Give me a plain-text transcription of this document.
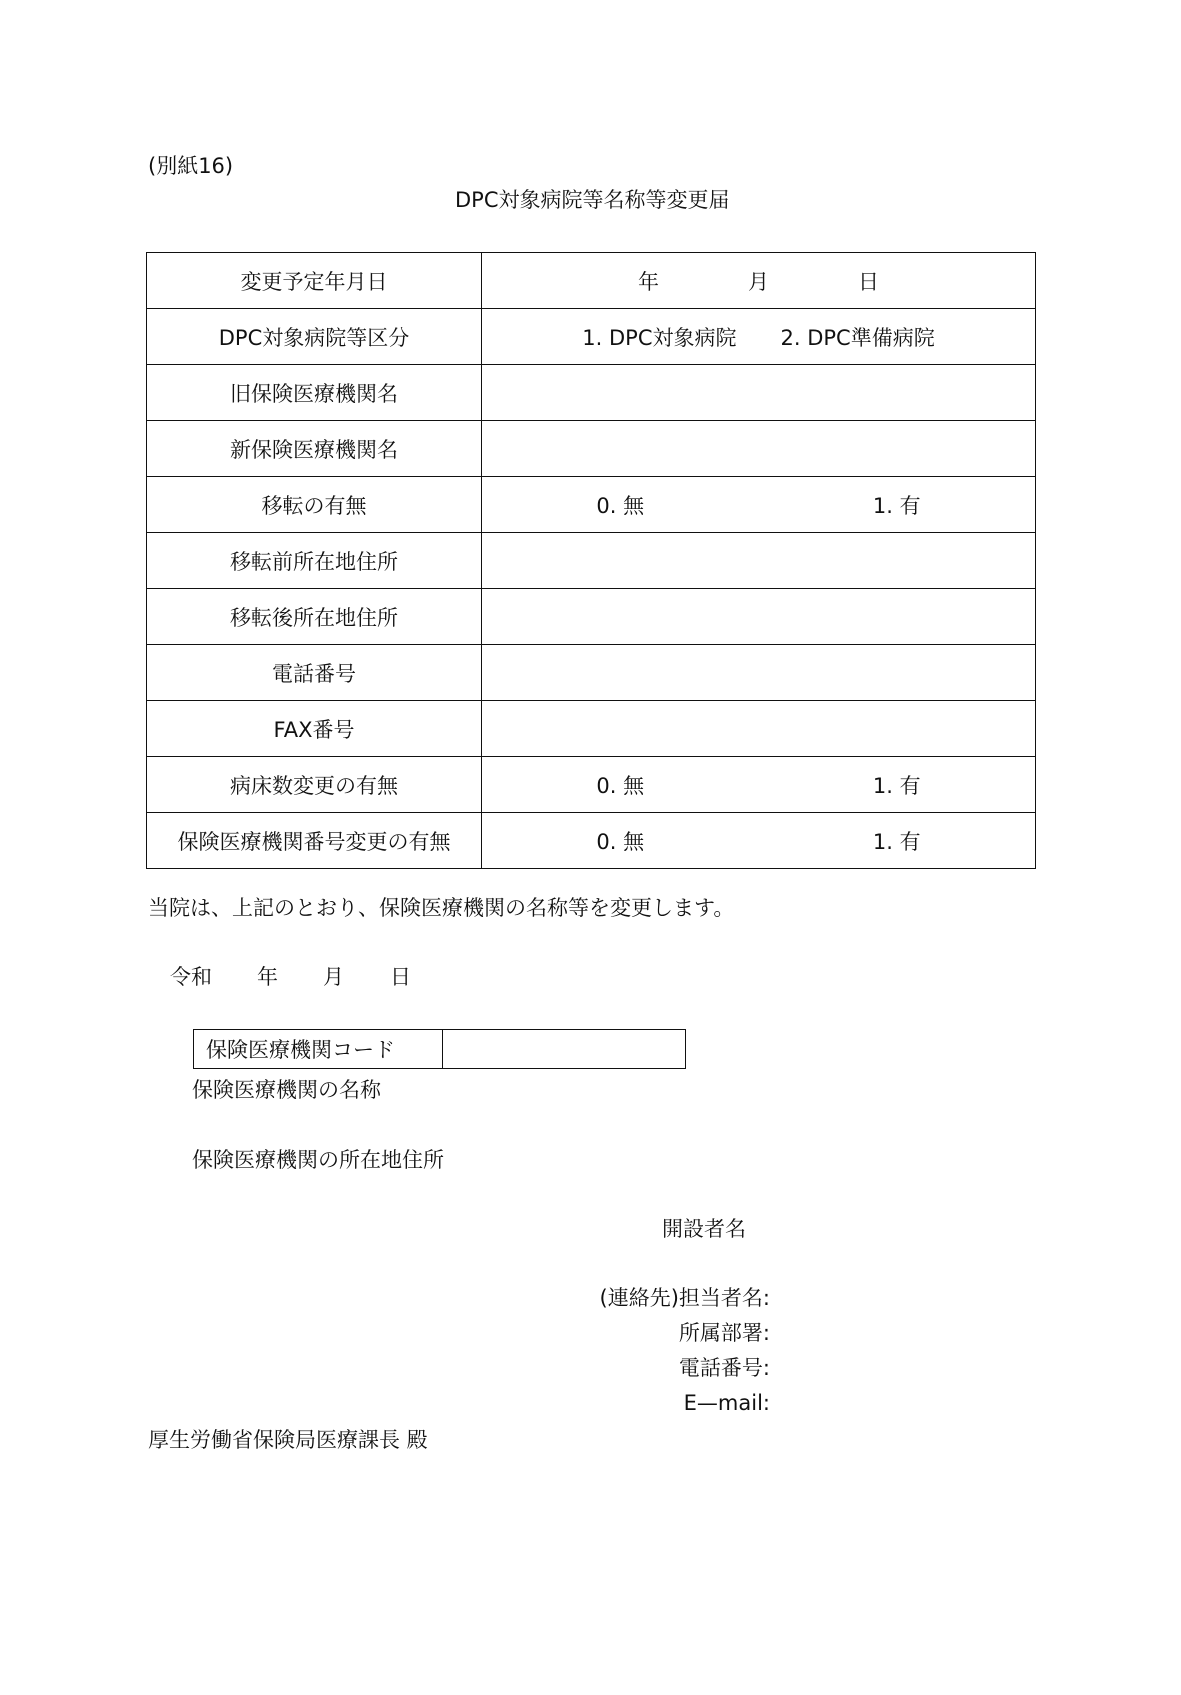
(別紙16)
DPC対象病院等名称等変更届
変更予定年月日	年 月 日

DPC対象病院等区分	1. DPC対象病院 2. DPC準備病院

旧保険医療機関名	
新保険医療機関名	
移転の有無	0. 無 1. 有

移転前所在地住所	
移転後所在地住所	
電話番号	
FAX番号	
病床数変更の有無	0. 無 1. 有

保険医療機関番号変更の有無	0. 無 1. 有
当院は、上記のとおり、保険医療機関の名称等を変更します。
令和 年 月 日
保険医療機関コード	
保険医療機関の名称
保険医療機関の所在地住所
開設者名
(連絡先)担当者名:
所属部署:
電話番号:
E—mail:
厚生労働省保険局医療課長 殿
